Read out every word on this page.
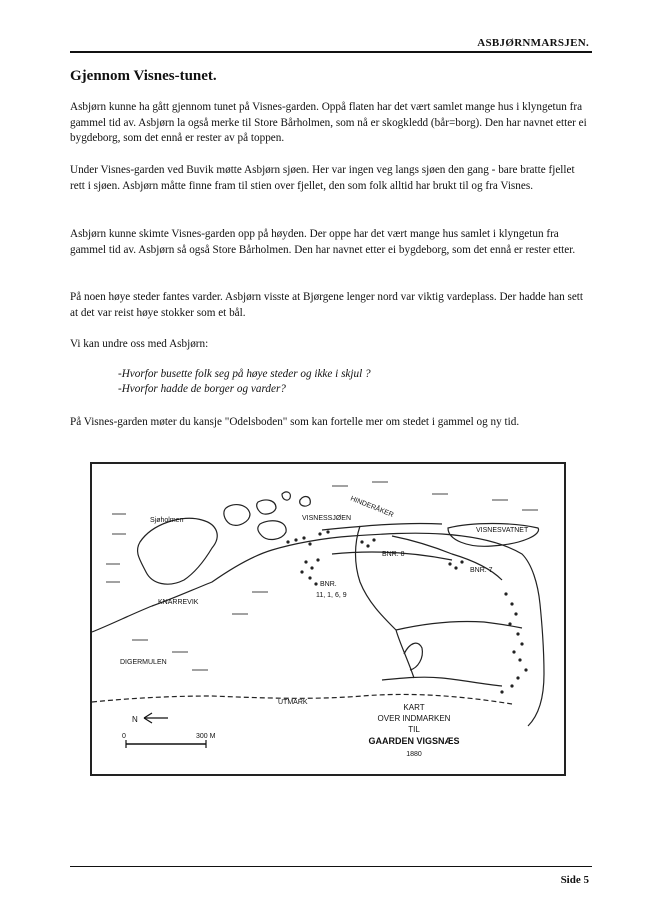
ASBJØRNMARSJEN.
Gjennom Visnes-tunet.

Asbjørn kunne ha gått gjennom tunet på Visnes-garden. Oppå flaten har det vært samlet mange hus i klyngetun fra gammel tid av. Asbjørn la også merke til Store Bårholmen, som nå er skogkledd (bår=borg). Den har navnet etter ei bygdeborg, som det ennå er rester av på toppen.

Under Visnes-garden ved Buvik møtte Asbjørn sjøen. Her var ingen veg langs sjøen den gang - bare bratte fjellet rett i sjøen. Asbjørn måtte finne fram til stien over fjellet, den som folk alltid har brukt til og fra Visnes.

Asbjørn kunne skimte Visnes-garden opp på høyden. Der oppe har det vært mange hus samlet i klyngetun fra gammel tid av. Asbjørn så også Store Bårholmen. Den har navnet etter ei bygdeborg, som det ennå er rester etter.

På noen høye steder fantes varder. Asbjørn visste at Bjørgene lenger nord var viktig vardeplass. Der hadde han sett at det var reist høye stokker som et bål.

Vi kan undre oss med Asbjørn:

-Hvorfor busette folk seg på høye steder og ikke i skjul ?
-Hvorfor hadde de borger og varder?

På Visnes-garden møter du kansje "Odelsboden" som kan fortelle mer om stedet i gammel og ny tid.

Sjøholmen
HINDERÅKER
VISNESSJØEN
VISNESVATNET
BNR. 8
BNR. 7
BNR.
11, 1, 6, 9
KNARREVIK
DIGERMULEN
UTMARK
N
0	300 M
KART
OVER INDMARKEN
TIL
GAARDEN VIGSNÆS
1880
Side 5
